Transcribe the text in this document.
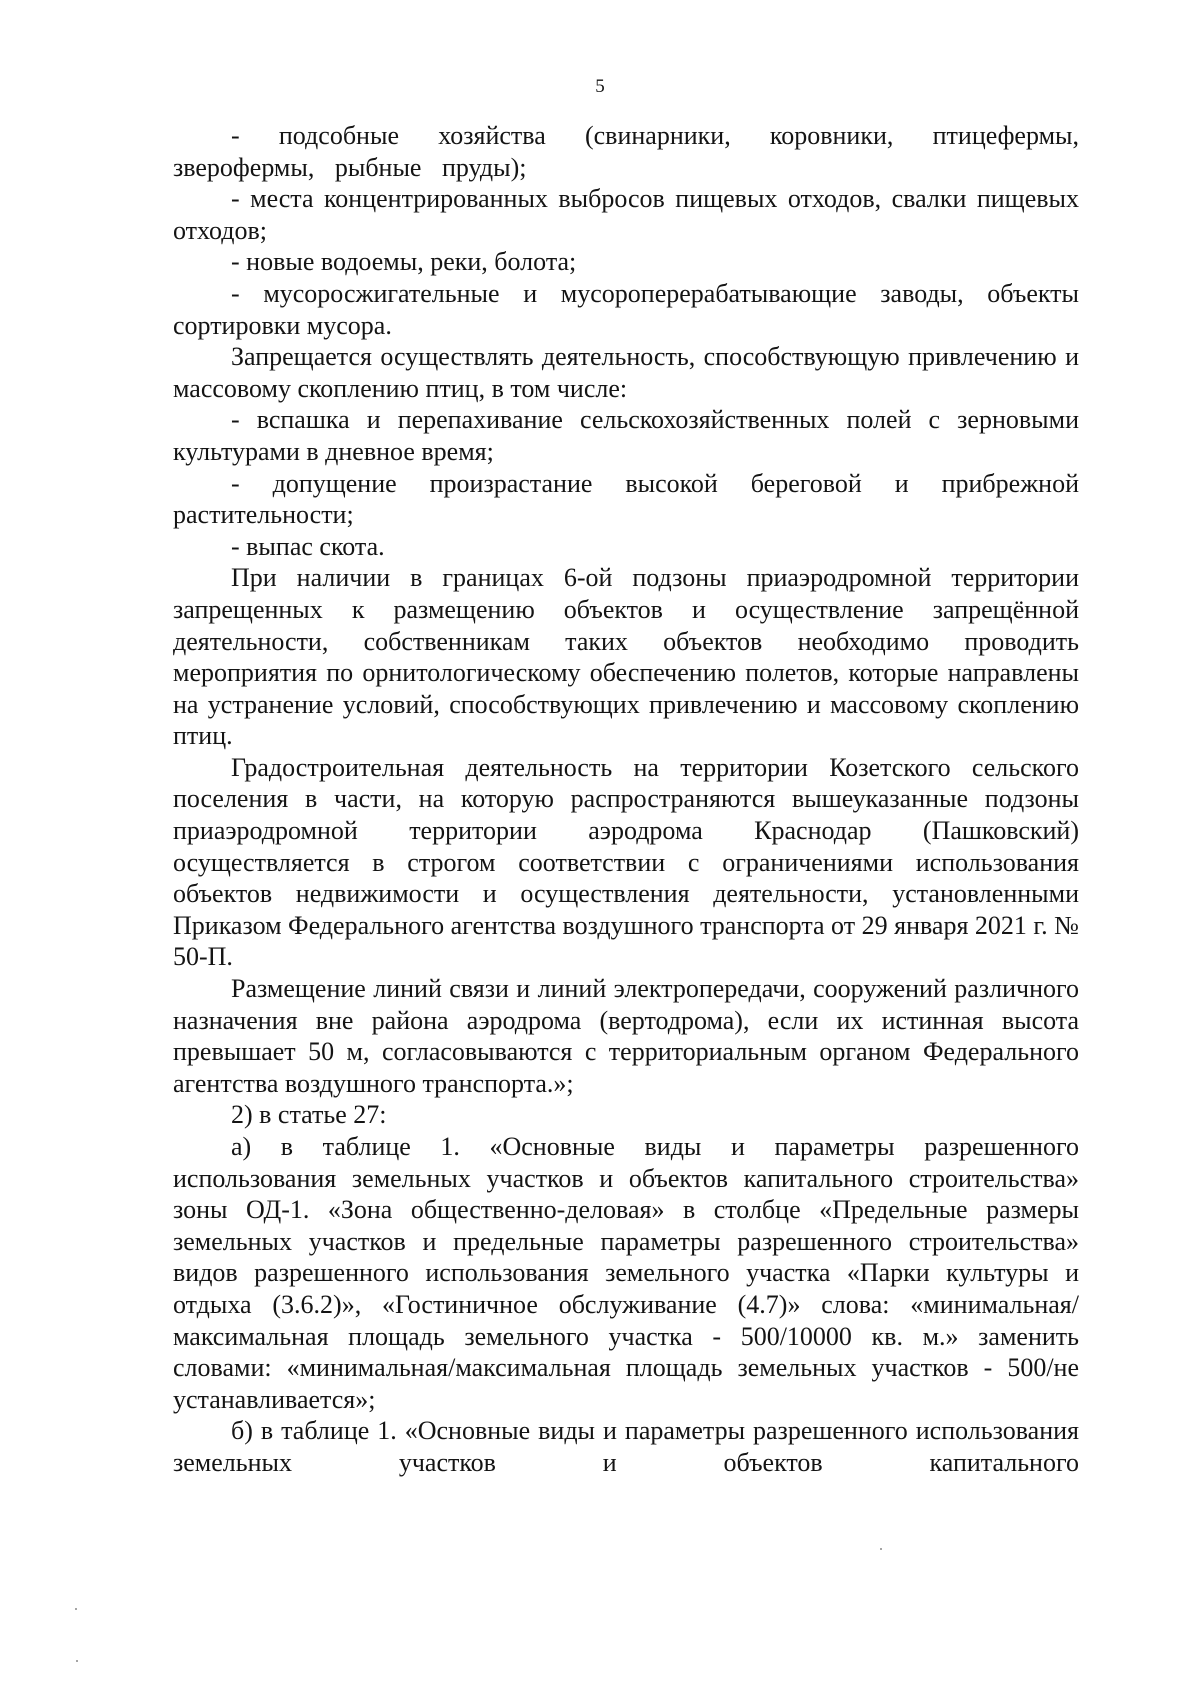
5

- подсобные хозяйства (свинарники, коровники, птицефермы, зверофермы, рыбные пруды);

- места концентрированных выбросов пищевых отходов, свалки пищевых отходов;

- новые водоемы, реки, болота;

- мусоросжигательные и мусороперерабатывающие заводы, объекты сортировки мусора.

Запрещается осуществлять деятельность, способствующую привлечению и массовому скоплению птиц, в том числе:

- вспашка и перепахивание сельскохозяйственных полей с зерновыми культурами в дневное время;

- допущение произрастание высокой береговой и прибрежной растительности;

- выпас скота.

При наличии в границах 6-ой подзоны приаэродромной территории запрещенных к размещению объектов и осуществление запрещённой деятельности, собственникам таких объектов необходимо проводить мероприятия по орнитологическому обеспечению полетов, которые направлены на устранение условий, способствующих привлечению и массовому скоплению птиц.

Градостроительная деятельность на территории Козетского сельского поселения в части, на которую распространяются вышеуказанные подзоны приаэродромной территории аэродрома Краснодар (Пашковский) осуществляется в строгом соответствии с ограничениями использования объектов недвижимости и осуществления деятельности, установленными Приказом Федерального агентства воздушного транспорта от 29 января 2021 г. № 50-П.

Размещение линий связи и линий электропередачи, сооружений различного назначения вне района аэродрома (вертодрома), если их истинная высота превышает 50 м, согласовываются с территориальным органом Федерального агентства воздушного транспорта.»;

2) в статье 27:

а) в таблице 1. «Основные виды и параметры разрешенного использования земельных участков и объектов капитального строительства» зоны ОД-1. «Зона общественно-деловая» в столбце «Предельные размеры земельных участков и предельные параметры разрешенного строительства» видов разрешенного использования земельного участка «Парки культуры и отдыха (3.6.2)», «Гостиничное обслуживание (4.7)» слова: «минимальная/максимальная площадь земельного участка - 500/10000 кв. м.» заменить словами: «минимальная/максимальная площадь земельных участков - 500/не устанавливается»;

б) в таблице 1. «Основные виды и параметры разрешенного использования земельных участков и объектов капитального
